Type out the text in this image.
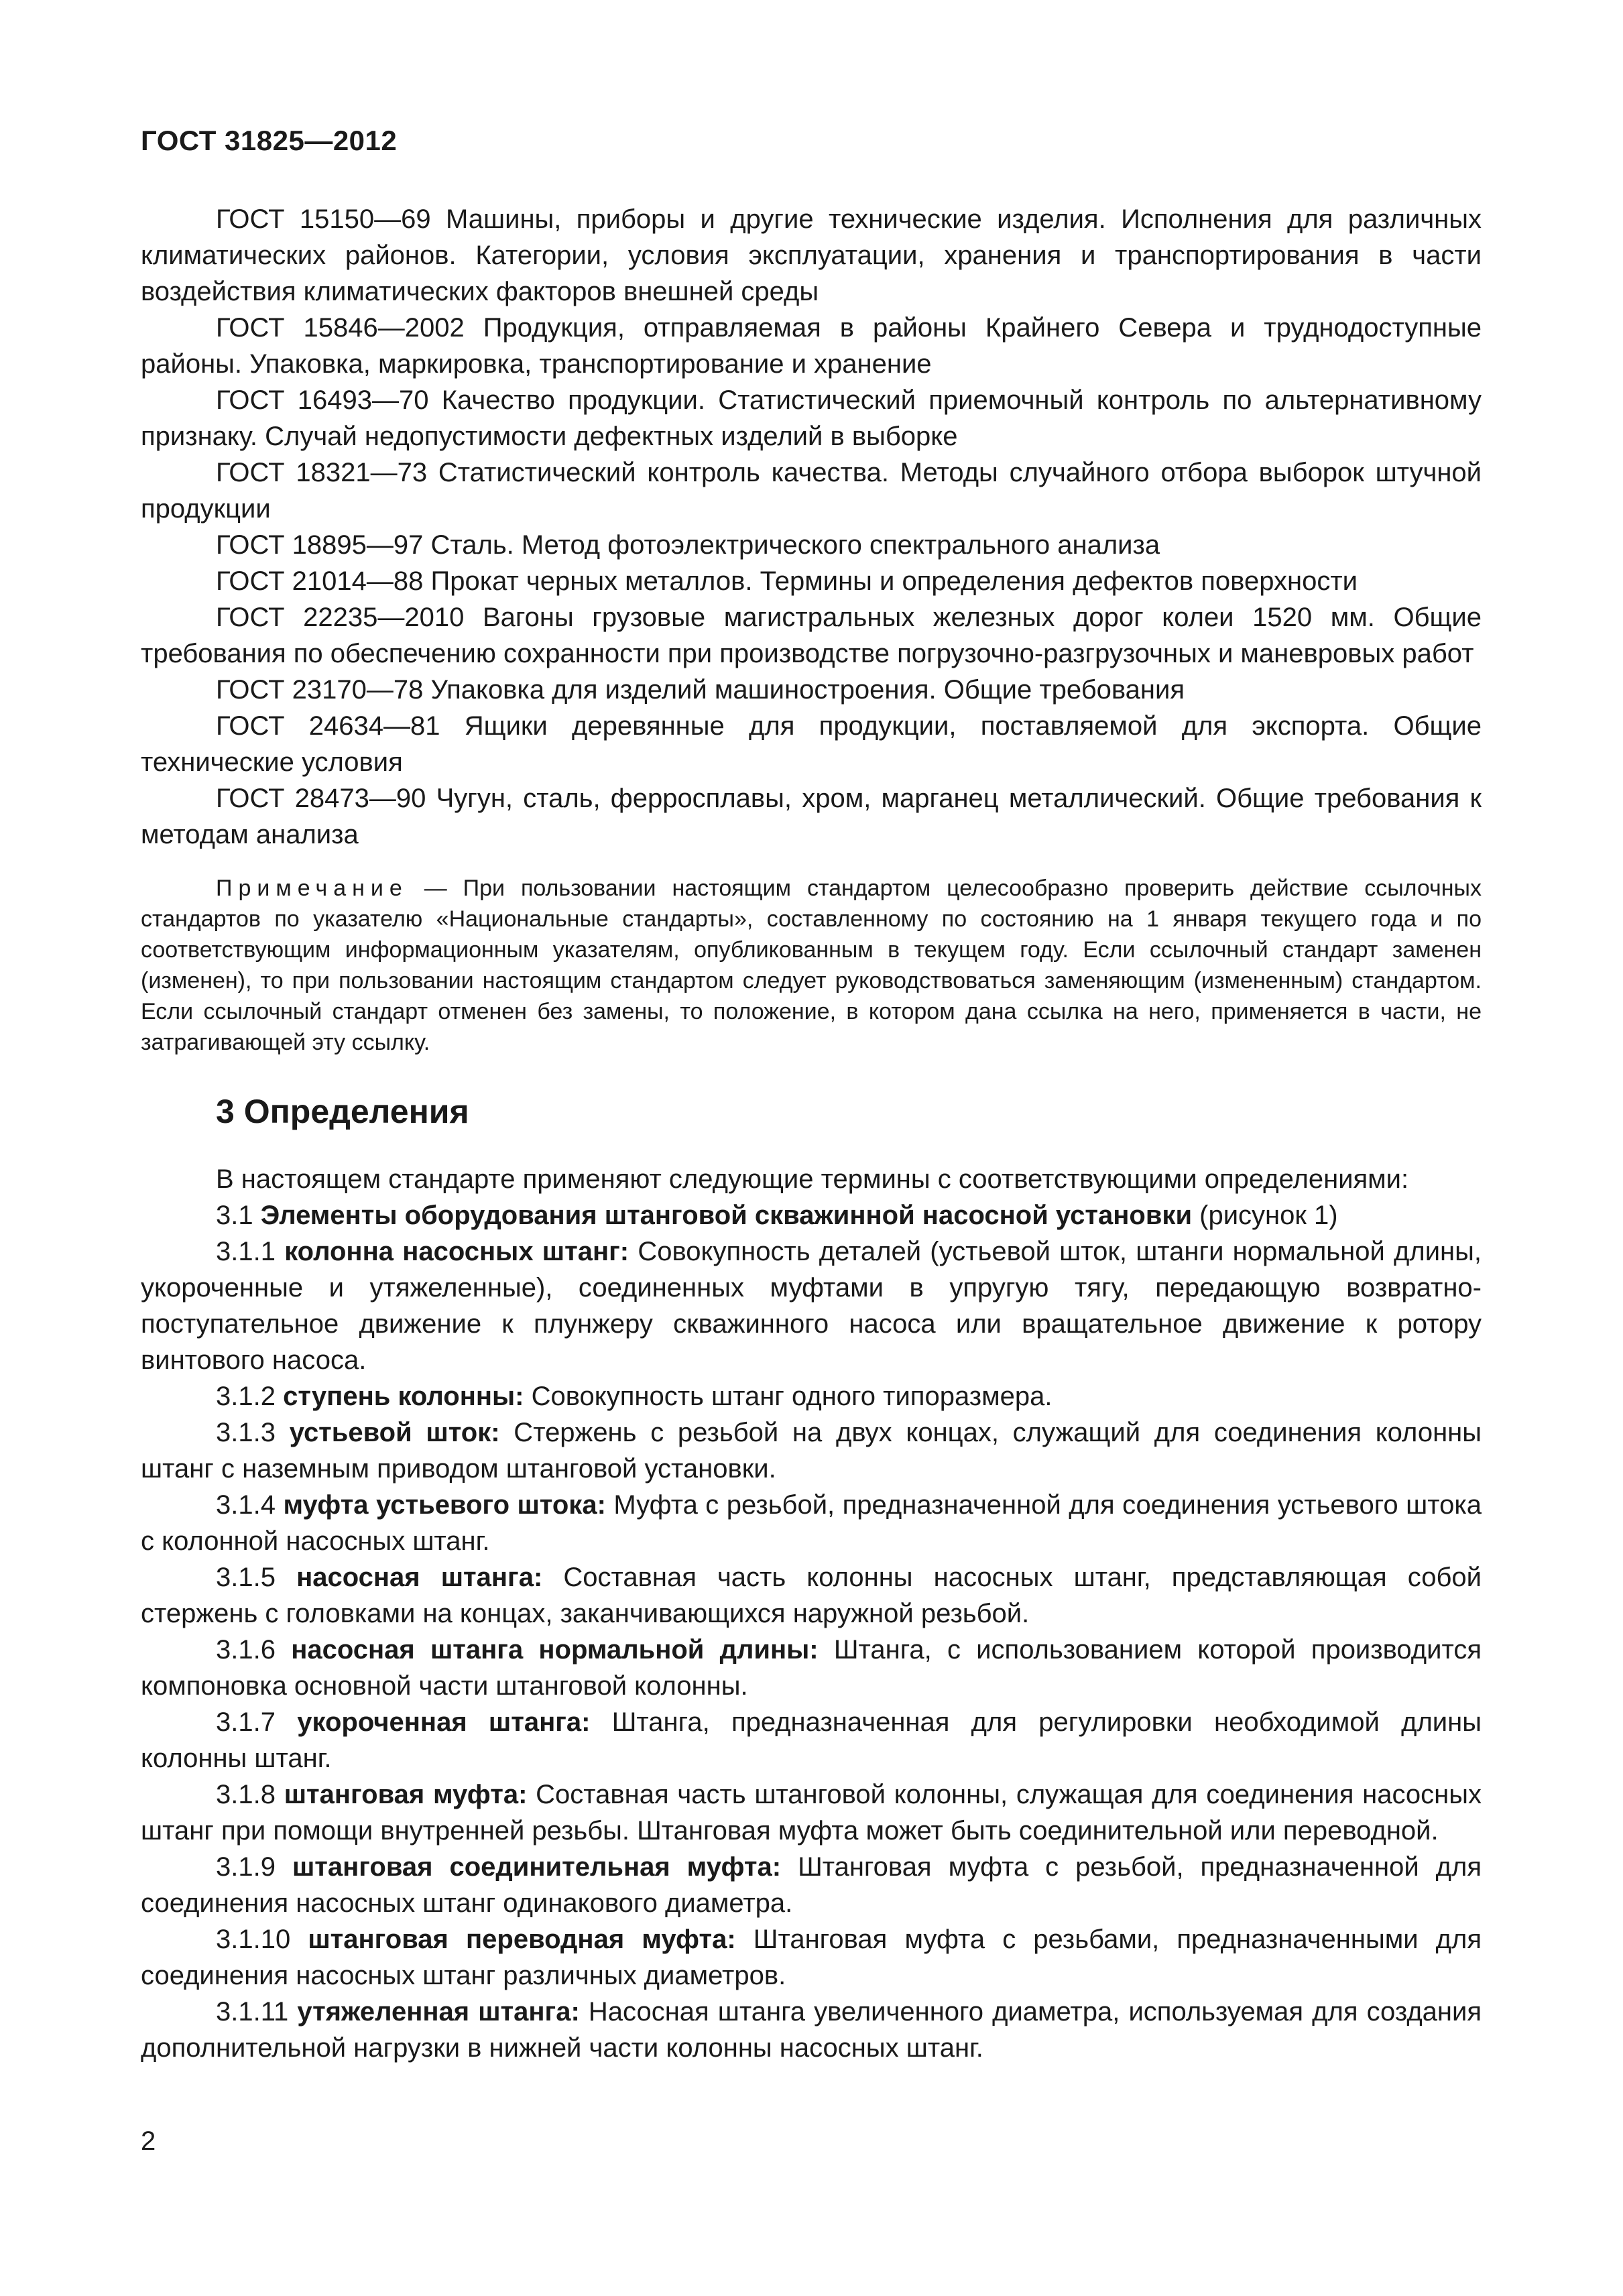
ГОСТ 31825—2012

ГОСТ 15150—69 Машины, приборы и другие технические изделия. Исполнения для различных климатических районов. Категории, условия эксплуатации, хранения и транспортирования в части воздействия климатических факторов внешней среды

ГОСТ 15846—2002 Продукция, отправляемая в районы Крайнего Севера и труднодоступные районы. Упаковка, маркировка, транспортирование и хранение

ГОСТ 16493—70 Качество продукции. Статистический приемочный контроль по альтернативному признаку. Случай недопустимости дефектных изделий в выборке

ГОСТ 18321—73 Статистический контроль качества. Методы случайного отбора выборок штучной продукции

ГОСТ 18895—97 Сталь. Метод фотоэлектрического спектрального анализа

ГОСТ 21014—88 Прокат черных металлов. Термины и определения дефектов поверхности

ГОСТ 22235—2010 Вагоны грузовые магистральных железных дорог колеи 1520 мм. Общие требования по обеспечению сохранности при производстве погрузочно-разгрузочных и маневровых работ

ГОСТ 23170—78 Упаковка для изделий машиностроения. Общие требования

ГОСТ 24634—81 Ящики деревянные для продукции, поставляемой для экспорта. Общие технические условия

ГОСТ 28473—90 Чугун, сталь, ферросплавы, хром, марганец металлический. Общие требования к методам анализа

Примечание — При пользовании настоящим стандартом целесообразно проверить действие ссылочных стандартов по указателю «Национальные стандарты», составленному по состоянию на 1 января текущего года и по соответствующим информационным указателям, опубликованным в текущем году. Если ссылочный стандарт заменен (изменен), то при пользовании настоящим стандартом следует руководствоваться заменяющим (измененным) стандартом. Если ссылочный стандарт отменен без замены, то положение, в котором дана ссылка на него, применяется в части, не затрагивающей эту ссылку.

3 Определения

В настоящем стандарте применяют следующие термины с соответствующими определениями:

3.1 Элементы оборудования штанговой скважинной насосной установки (рисунок 1)

3.1.1 колонна насосных штанг: Совокупность деталей (устьевой шток, штанги нормальной длины, укороченные и утяжеленные), соединенных муфтами в упругую тягу, передающую возвратно-поступательное движение к плунжеру скважинного насоса или вращательное движение к ротору винтового насоса.

3.1.2 ступень колонны: Совокупность штанг одного типоразмера.

3.1.3 устьевой шток: Стержень с резьбой на двух концах, служащий для соединения колонны штанг с наземным приводом штанговой установки.

3.1.4 муфта устьевого штока: Муфта с резьбой, предназначенной для соединения устьевого штока с колонной насосных штанг.

3.1.5 насосная штанга: Составная часть колонны насосных штанг, представляющая собой стержень с головками на концах, заканчивающихся наружной резьбой.

3.1.6 насосная штанга нормальной длины: Штанга, с использованием которой производится компоновка основной части штанговой колонны.

3.1.7 укороченная штанга: Штанга, предназначенная для регулировки необходимой длины колонны штанг.

3.1.8 штанговая муфта: Составная часть штанговой колонны, служащая для соединения насосных штанг при помощи внутренней резьбы. Штанговая муфта может быть соединительной или переводной.

3.1.9 штанговая соединительная муфта: Штанговая муфта с резьбой, предназначенной для соединения насосных штанг одинакового диаметра.

3.1.10 штанговая переводная муфта: Штанговая муфта с резьбами, предназначенными для соединения насосных штанг различных диаметров.

3.1.11 утяжеленная штанга: Насосная штанга увеличенного диаметра, используемая для создания дополнительной нагрузки в нижней части колонны насосных штанг.

2
